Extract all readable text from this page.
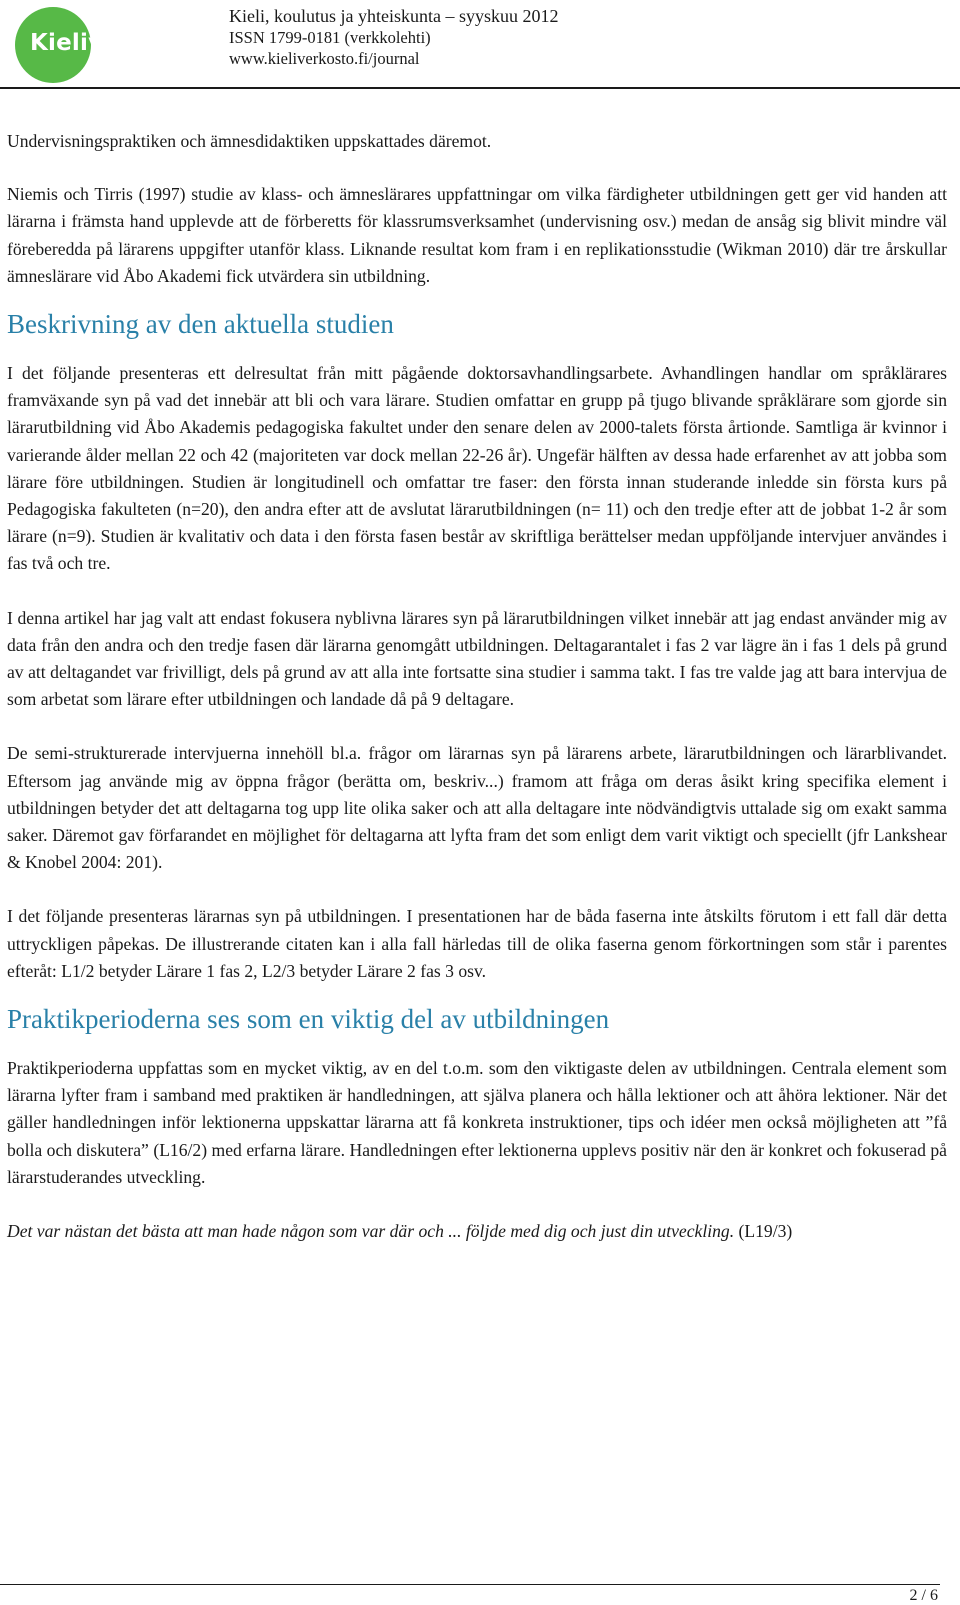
Kieliverkosto
Kieli, koulutus ja yhteiskunta – syyskuu 2012
ISSN 1799-0181 (verkkolehti)
www.kieliverkosto.fi/journal

Undervisningspraktiken och ämnesdidaktiken uppskattades däremot.

Niemis och Tirris (1997) studie av klass- och ämneslärares uppfattningar om vilka färdigheter utbildningen gett ger vid handen att lärarna i främsta hand upplevde att de förberetts för klassrumsverksamhet (undervisning osv.) medan de ansåg sig blivit mindre väl föreberedda på lärarens uppgifter utanför klass. Liknande resultat kom fram i en replikationsstudie (Wikman 2010) där tre årskullar ämneslärare vid Åbo Akademi fick utvärdera sin utbildning.

Beskrivning av den aktuella studien

I det följande presenteras ett delresultat från mitt pågående doktorsavhandlingsarbete. Avhandlingen handlar om språklärares framväxande syn på vad det innebär att bli och vara lärare. Studien omfattar en grupp på tjugo blivande språklärare som gjorde sin lärarutbildning vid Åbo Akademis pedagogiska fakultet under den senare delen av 2000-talets första årtionde. Samtliga är kvinnor i varierande ålder mellan 22 och 42 (majoriteten var dock mellan 22-26 år). Ungefär hälften av dessa hade erfarenhet av att jobba som lärare före utbildningen. Studien är longitudinell och omfattar tre faser: den första innan studerande inledde sin första kurs på Pedagogiska fakulteten (n=20), den andra efter att de avslutat lärarutbildningen (n= 11) och den tredje efter att de jobbat 1-2 år som lärare (n=9). Studien är kvalitativ och data i den första fasen består av skriftliga berättelser medan uppföljande intervjuer användes i fas två och tre.

I denna artikel har jag valt att endast fokusera nyblivna lärares syn på lärarutbildningen vilket innebär att jag endast använder mig av data från den andra och den tredje fasen där lärarna genomgått utbildningen. Deltagarantalet i fas 2 var lägre än i fas 1 dels på grund av att deltagandet var frivilligt, dels på grund av att alla inte fortsatte sina studier i samma takt. I fas tre valde jag att bara intervjua de som arbetat som lärare efter utbildningen och landade då på 9 deltagare.

De semi-strukturerade intervjuerna innehöll bl.a. frågor om lärarnas syn på lärarens arbete, lärarutbildningen och lärarblivandet. Eftersom jag använde mig av öppna frågor (berätta om, beskriv...) framom att fråga om deras åsikt kring specifika element i utbildningen betyder det att deltagarna tog upp lite olika saker och att alla deltagare inte nödvändigtvis uttalade sig om exakt samma saker. Däremot gav förfarandet en möjlighet för deltagarna att lyfta fram det som enligt dem varit viktigt och speciellt (jfr Lankshear & Knobel 2004: 201).

I det följande presenteras lärarnas syn på utbildningen. I presentationen har de båda faserna inte åtskilts förutom i ett fall där detta uttryckligen påpekas. De illustrerande citaten kan i alla fall härledas till de olika faserna genom förkortningen som står i parentes efteråt: L1/2 betyder Lärare 1 fas 2, L2/3 betyder Lärare 2 fas 3 osv.

Praktikperioderna ses som en viktig del av utbildningen

Praktikperioderna uppfattas som en mycket viktig, av en del t.o.m. som den viktigaste delen av utbildningen. Centrala element som lärarna lyfter fram i samband med praktiken är handledningen, att själva planera och hålla lektioner och att åhöra lektioner. När det gäller handledningen inför lektionerna uppskattar lärarna att få konkreta instruktioner, tips och idéer men också möjligheten att ”få bolla och diskutera” (L16/2) med erfarna lärare. Handledningen efter lektionerna upplevs positiv när den är konkret och fokuserad på lärarstuderandes utveckling.

Det var nästan det bästa att man hade någon som var där och ... följde med dig och just din utveckling. (L19/3)

2 / 6
